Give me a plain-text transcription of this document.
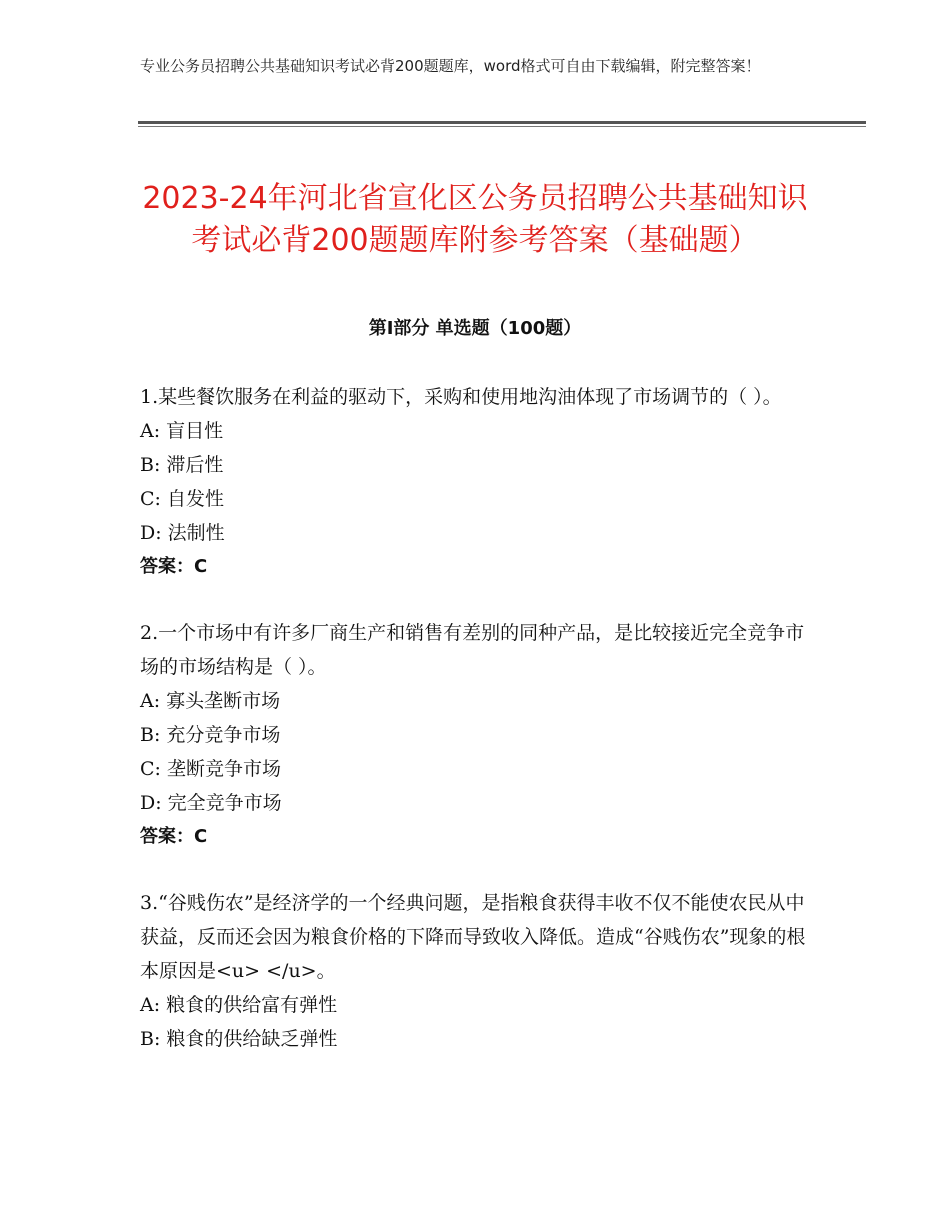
专业公务员招聘公共基础知识考试必背200题题库，word格式可自由下载编辑，附完整答案！
2023-24年河北省宣化区公务员招聘公共基础知识考试必背200题题库附参考答案（基础题）
第Ⅰ部分 单选题（100题）

1.某些餐饮服务在利益的驱动下，采购和使用地沟油体现了市场调节的（ ）。

A: 盲目性

B: 滞后性

C: 自发性

D: 法制性

答案：C

2.一个市场中有许多厂商生产和销售有差别的同种产品，是比较接近完全竞争市场的市场结构是（ ）。

A: 寡头垄断市场

B: 充分竞争市场

C: 垄断竞争市场

D: 完全竞争市场

答案：C

3.“谷贱伤农”是经济学的一个经典问题，是指粮食获得丰收不仅不能使农民从中获益，反而还会因为粮食价格的下降而导致收入降低。造成“谷贱伤农”现象的根本原因是<u> </u>。

A: 粮食的供给富有弹性

B: 粮食的供给缺乏弹性
